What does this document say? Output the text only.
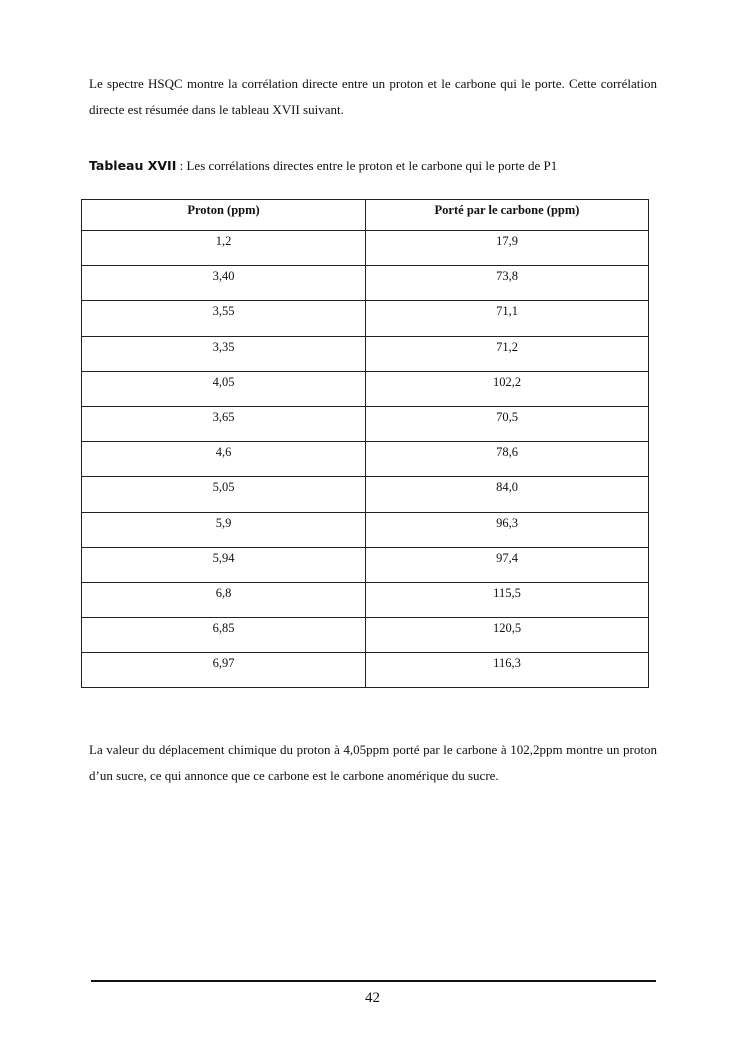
Le spectre HSQC montre la corrélation directe entre un proton et le carbone qui le porte. Cette corrélation directe est résumée dans le tableau XVII suivant.

Tableau XVII : Les corrélations directes entre le proton et le carbone qui le porte de P1
Proton (ppm)	Porté par le carbone (ppm)
1,2	17,9
3,40	73,8
3,55	71,1
3,35	71,2
4,05	102,2
3,65	70,5
4,6	78,6
5,05	84,0
5,9	96,3
5,94	97,4
6,8	115,5
6,85	120,5
6,97	116,3

La valeur du déplacement chimique du proton à 4,05ppm porté par le carbone à 102,2ppm montre un proton d’un sucre, ce qui annonce que ce carbone est le carbone anomérique du sucre.

42
